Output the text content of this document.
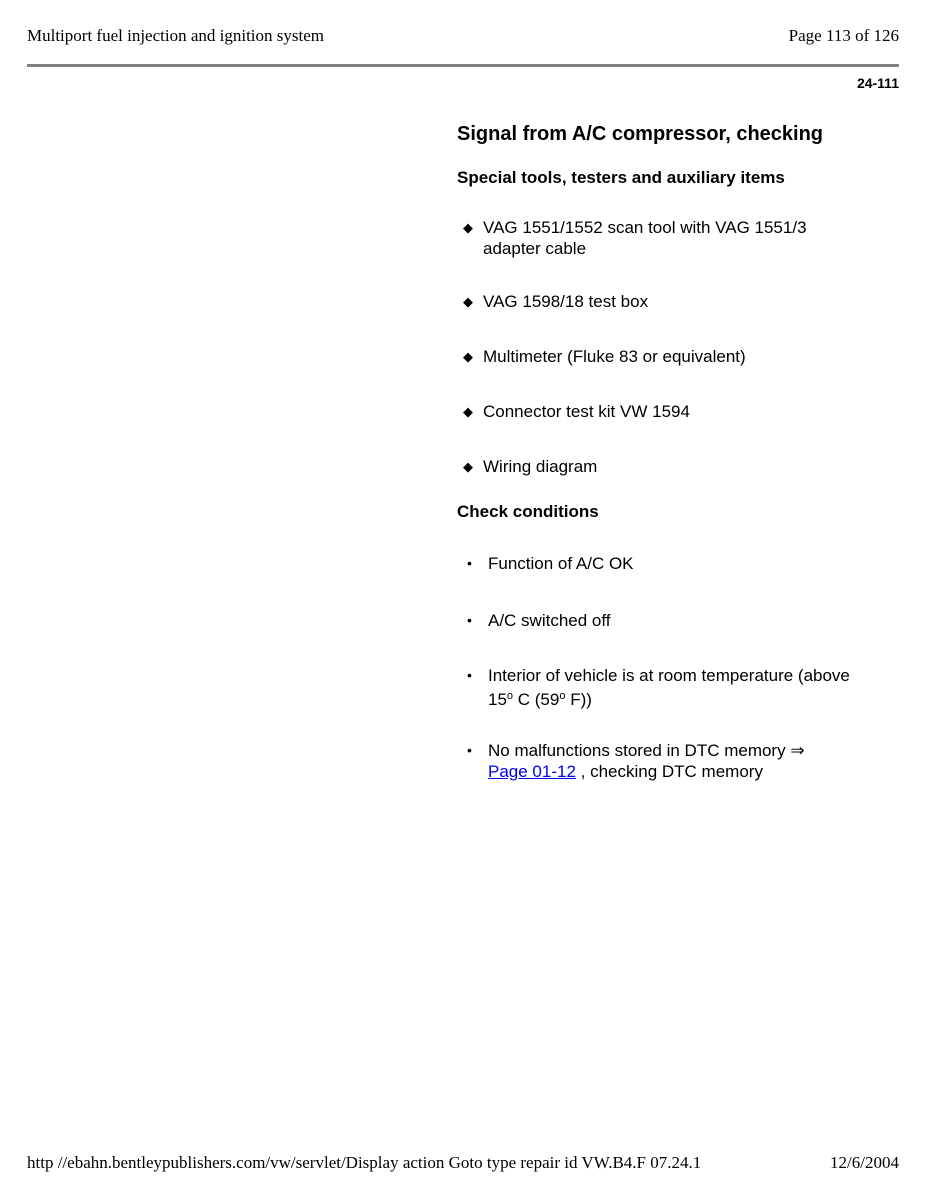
Multiport fuel injection and ignition system	Page 113 of 126
24-111
Signal from A/C compressor, checking
Special tools, testers and auxiliary items
◆ VAG 1551/1552 scan tool with VAG 1551/3 adapter cable
◆ VAG 1598/18 test box
◆ Multimeter (Fluke 83 or equivalent)
◆ Connector test kit VW 1594
◆ Wiring diagram
Check conditions
• Function of A/C OK
• A/C switched off
• Interior of vehicle is at room temperature (above 15$^o$ C (59$^o$ F))
• No malfunctions stored in DTC memory ⇒
Page 01-12 , checking DTC memory
http //ebahn.bentleypublishers.com/vw/servlet/Display action Goto type repair id VW.B4.F 07.24.1	12/6/2004
